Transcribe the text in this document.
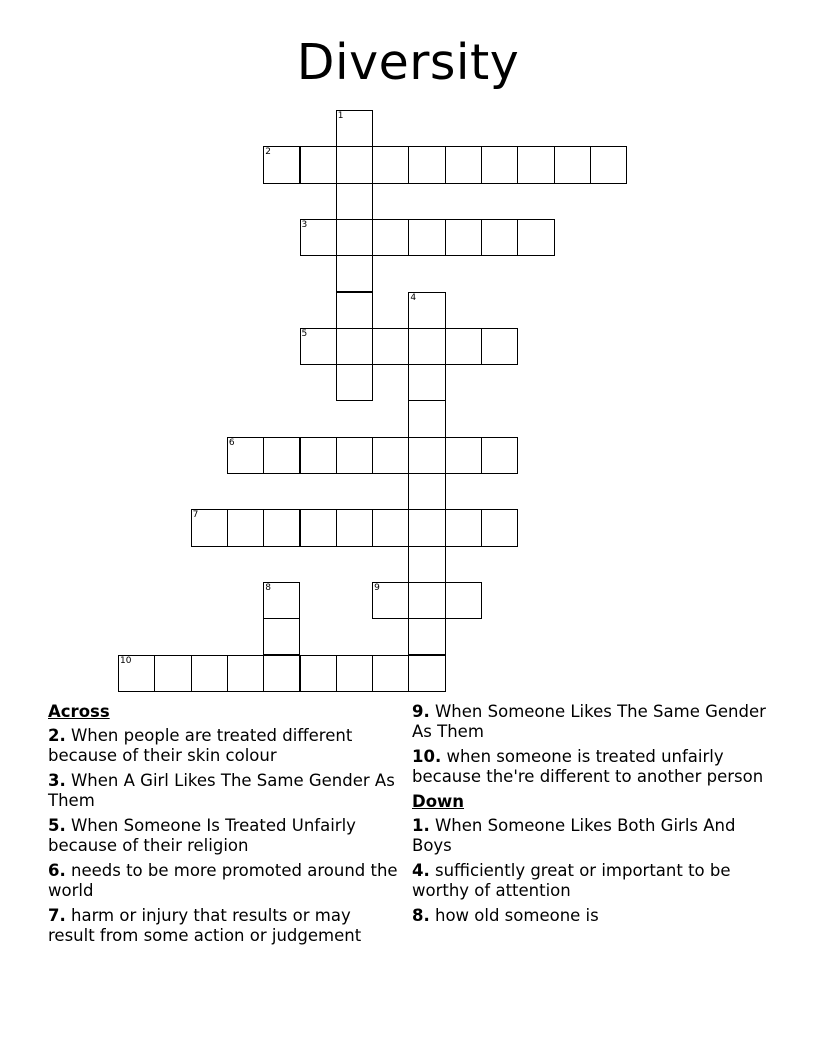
Diversity
1
2
3
4
5
6
7
8	9
10
Across
2. When people are treated different because of their skin colour
3. When A Girl Likes The Same Gender As Them
5. When Someone Is Treated Unfairly because of their religion
6. needs to be more promoted around the world
7. harm or injury that results or may result from some action or judgement
9. When Someone Likes The Same Gender As Them
10. when someone is treated unfairly because the're different to another person
Down
1. When Someone Likes Both Girls And Boys
4. sufficiently great or important to be worthy of attention
8. how old someone is
